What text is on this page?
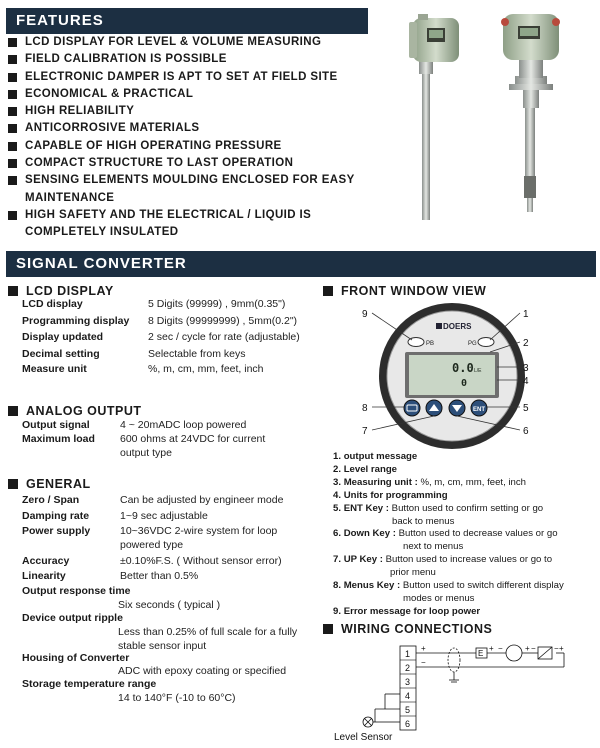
FEATURES
LCD DISPLAY FOR LEVEL & VOLUME MEASURING
FIELD CALIBRATION IS POSSIBLE
ELECTRONIC DAMPER IS APT TO SET AT FIELD SITE
ECONOMICAL & PRACTICAL
HIGH RELIABILITY
ANTICORROSIVE MATERIALS
CAPABLE OF HIGH OPERATING PRESSURE
COMPACT STRUCTURE TO LAST OPERATION
SENSING ELEMENTS MOULDING ENCLOSED FOR EASY MAINTENANCE
HIGH SAFETY AND THE ELECTRICAL / LIQUID IS COMPLETELY INSULATED
SIGNAL CONVERTER
LCD DISPLAY
LCD display	5 Digits (99999) , 9mm(0.35")
Programming display	8 Digits (99999999) , 5mm(0.2")
Display updated	2 sec / cycle for rate (adjustable)
Decimal setting	Selectable from keys
Measure unit	%, m, cm, mm, feet, inch
ANALOG OUTPUT
Output signal	4 ~ 20mADC loop powered
Maximum load	600 ohms at 24VDC for current output type
GENERAL
Zero / Span	Can be adjusted by engineer mode
Damping rate	1~9 sec adjustable
Power supply	10~36VDC 2-wire system for loop powered type
Accuracy	±0.10%F.S. ( Without sensor error)
Linearity	Better than 0.5%
Output response time
Six seconds ( typical )
Device output ripple
Less than 0.25% of full scale for a fully stable sensor input
Housing of Converter
ADC with epoxy coating or specified
Storage temperature range
14 to 140°F (-10 to 60°C)
FRONT WINDOW VIEW
PB	PG
DOERS
0.0 L/E
0
ENT
9	1
2
3
4
8	5
7	6
1. output message
2. Level range
3. Measuring unit : %, m, cm, mm, feet, inch
4. Units for programming
5. ENT Key : Button used to confirm setting or go
back to menus
6. Down Key : Button used to decrease values or go
next to menus
7. UP Key : Button used to increase values or go to
prior menu
8. Menus Key : Button used to switch different display
modes or menus
9. Error message for loop power
WIRING CONNECTIONS
1
2
3
4
5
6
E
+
−
+ −	+ − − +
Level Sensor
